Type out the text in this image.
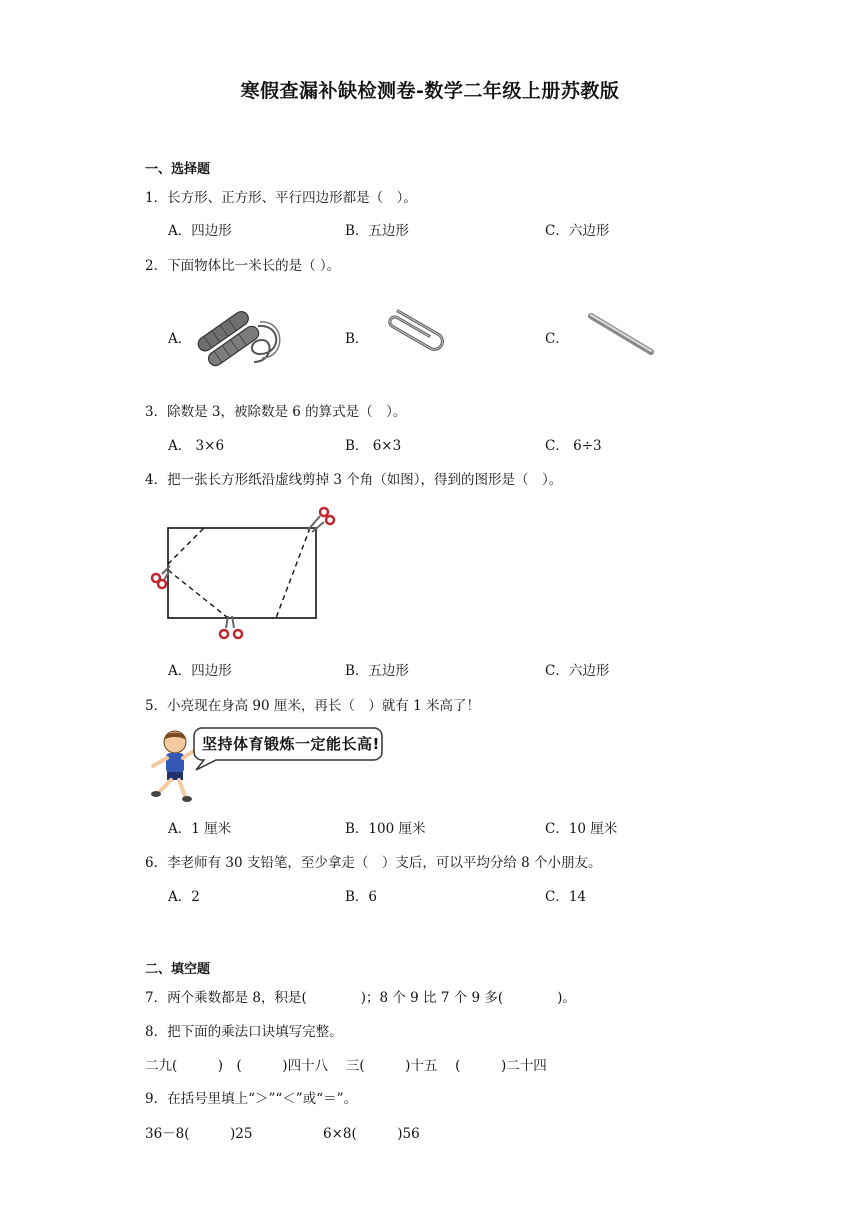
寒假查漏补缺检测卷-数学二年级上册苏教版
一、选择题
1．长方形、正方形、平行四边形都是（　）。
A．四边形	B．五边形	C．六边形
2．下面物体比一米长的是（ ）。
A．	B．	C．
3．除数是 3，被除数是 6 的算式是（　）。
A． 3×6	B． 6×3	C． 6÷3
4．把一张长方形纸沿虚线剪掉 3 个角（如图），得到的图形是（　）。
A．四边形	B．五边形	C．六边形
5．小亮现在身高 90 厘米，再长（　）就有 1 米高了！
坚持体育锻炼一定能长高!
A．1 厘米	B．100 厘米	C．10 厘米
6．李老师有 30 支铅笔，至少拿走（　）支后，可以平均分给 8 个小朋友。
A．2	B．6	C．14
二、填空题
7．两个乘数都是 8，积是(　　　　)；8 个 9 比 7 个 9 多(　　　　)。
8．把下面的乘法口诀填写完整。
二九(　　　)　(　　　)四十八　 三(　　　)十五　 (　　　)二十四
9．在括号里填上“＞”“＜”或“＝”。
36－8(　　　)25	6×8(　　　)56
